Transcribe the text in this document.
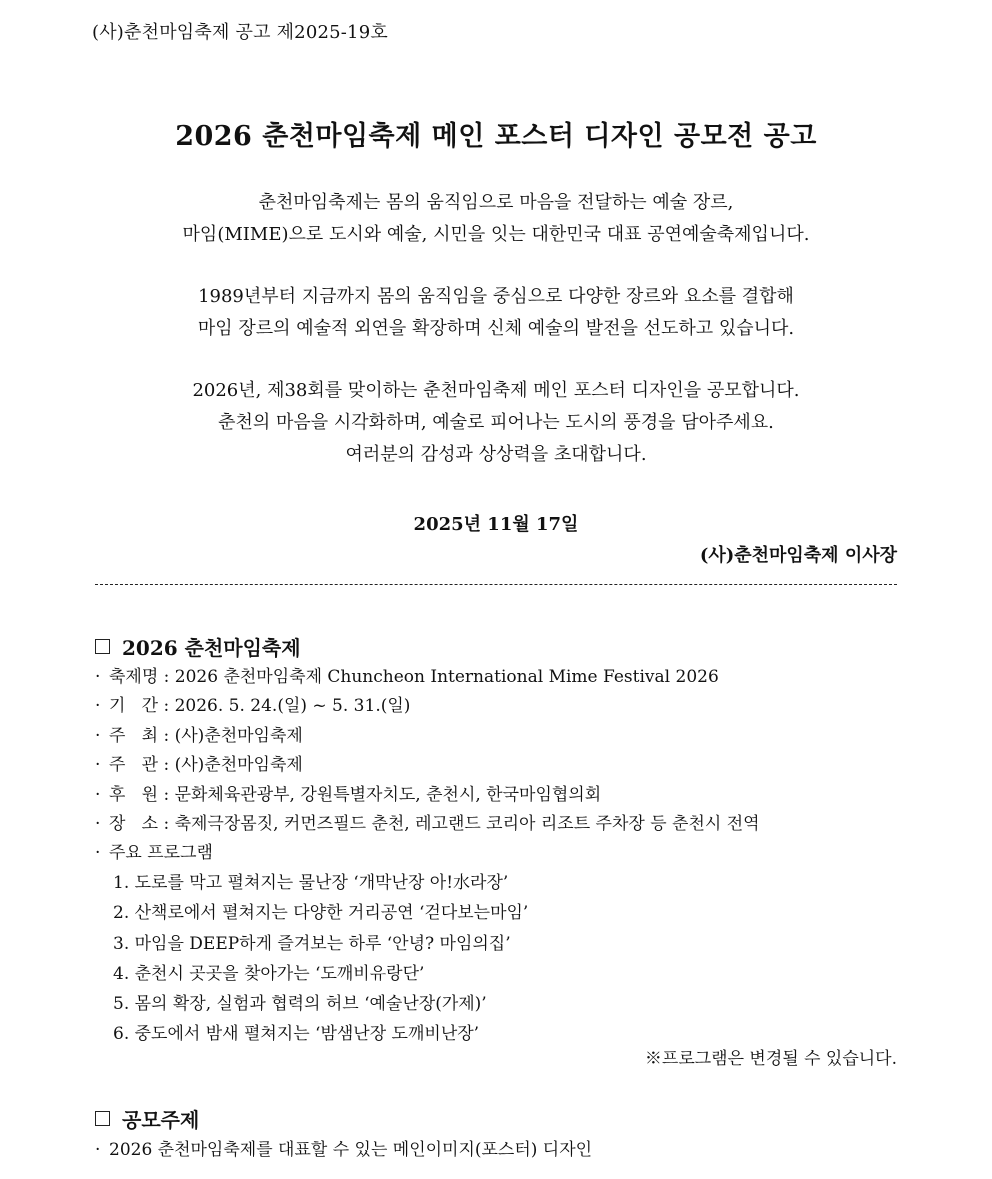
(사)춘천마임축제 공고 제2025-19호
2026 춘천마임축제 메인 포스터 디자인 공모전 공고

춘천마임축제는 몸의 움직임으로 마음을 전달하는 예술 장르,

마임(MIME)으로 도시와 예술, 시민을 잇는 대한민국 대표 공연예술축제입니다.

1989년부터 지금까지 몸의 움직임을 중심으로 다양한 장르와 요소를 결합해

마임 장르의 예술적 외연을 확장하며 신체 예술의 발전을 선도하고 있습니다.

2026년, 제38회를 맞이하는 춘천마임축제 메인 포스터 디자인을 공모합니다.

춘천의 마음을 시각화하며, 예술로 피어나는 도시의 풍경을 담아주세요.

여러분의 감성과 상상력을 초대합니다.

2025년 11월 17일
(사)춘천마임축제 이사장
2026 춘천마임축제
· 축제명 : 2026 춘천마임축제 Chuncheon International Mime Festival 2026
· 기   간 : 2026. 5. 24.(일) ~ 5. 31.(일)
· 주   최 : (사)춘천마임축제
· 주   관 : (사)춘천마임축제
· 후   원 : 문화체육관광부, 강원특별자치도, 춘천시, 한국마임협의회
· 장   소 : 축제극장몸짓, 커먼즈필드 춘천, 레고랜드 코리아 리조트 주차장 등 춘천시 전역
· 주요 프로그램
1. 도로를 막고 펼쳐지는 물난장 ‘개막난장 아!水라장’
2. 산책로에서 펼쳐지는 다양한 거리공연 ‘걷다보는마임’
3. 마임을 DEEP하게 즐겨보는 하루 ‘안녕? 마임의집’
4. 춘천시 곳곳을 찾아가는 ‘도깨비유랑단’
5. 몸의 확장, 실험과 협력의 허브 ‘예술난장(가제)’
6. 중도에서 밤새 펼쳐지는 ‘밤샘난장 도깨비난장’
※프로그램은 변경될 수 있습니다.
공모주제
· 2026 춘천마임축제를 대표할 수 있는 메인이미지(포스터) 디자인
